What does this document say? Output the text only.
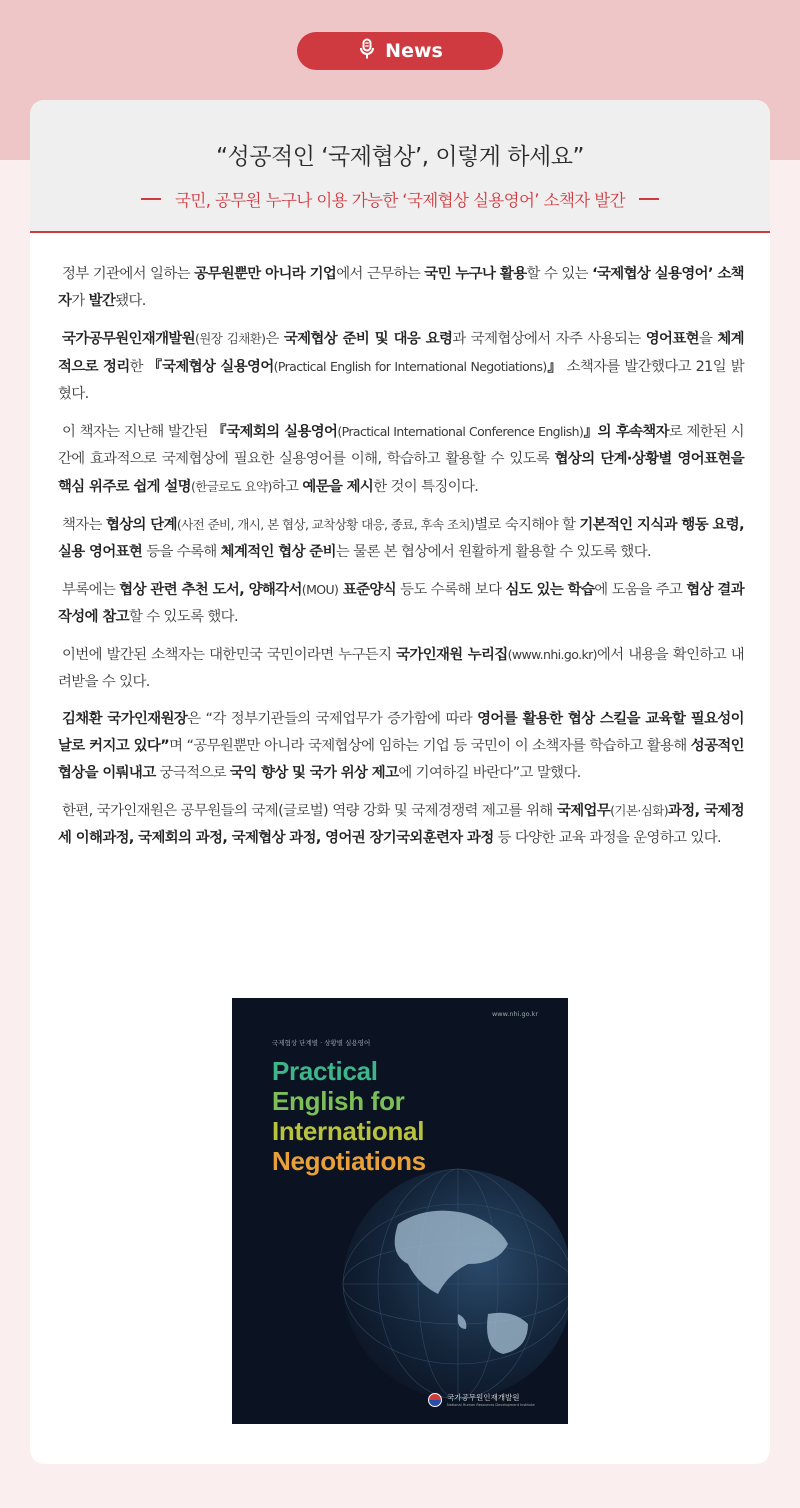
News
“성공적인 ‘국제협상’, 이렇게 하세요”
국민, 공무원 누구나 이용 가능한 ‘국제협상 실용영어’ 소책자 발간

정부 기관에서 일하는 공무원뿐만 아니라 기업에서 근무하는 국민 누구나 활용할 수 있는 ‘국제협상 실용영어’ 소책자가 발간됐다.

국가공무원인재개발원(원장 김채환)은 국제협상 준비 및 대응 요령과 국제협상에서 자주 사용되는 영어표현을 체계적으로 정리한 『국제협상 실용영어(Practical English for International Negotiations)』 소책자를 발간했다고 21일 밝혔다.

이 책자는 지난해 발간된 『국제회의 실용영어(Practical International Conference English)』의 후속책자로 제한된 시간에 효과적으로 국제협상에 필요한 실용영어를 이해, 학습하고 활용할 수 있도록 협상의 단계·상황별 영어표현을 핵심 위주로 쉽게 설명(한글로도 요약)하고 예문을 제시한 것이 특징이다.

책자는 협상의 단계(사전 준비, 개시, 본 협상, 교착상황 대응, 종료, 후속 조치)별로 숙지해야 할 기본적인 지식과 행동 요령, 실용 영어표현 등을 수록해 체계적인 협상 준비는 물론 본 협상에서 원활하게 활용할 수 있도록 했다.

부록에는 협상 관련 추천 도서, 양해각서(MOU) 표준양식 등도 수록해 보다 심도 있는 학습에 도움을 주고 협상 결과 작성에 참고할 수 있도록 했다.

이번에 발간된 소책자는 대한민국 국민이라면 누구든지 국가인재원 누리집(www.nhi.go.kr)에서 내용을 확인하고 내려받을 수 있다.

김채환 국가인재원장은 “각 정부기관들의 국제업무가 증가함에 따라 영어를 활용한 협상 스킬을 교육할 필요성이 날로 커지고 있다”며 “공무원뿐만 아니라 국제협상에 임하는 기업 등 국민이 이 소책자를 학습하고 활용해 성공적인 협상을 이뤄내고 궁극적으로 국익 향상 및 국가 위상 제고에 기여하길 바란다”고 말했다.

한편, 국가인재원은 공무원들의 국제(글로벌) 역량 강화 및 국제경쟁력 제고를 위해 국제업무(기본·심화)과정, 국제정세 이해과정, 국제회의 과정, 국제협상 과정, 영어권 장기국외훈련자 과정 등 다양한 교육 과정을 운영하고 있다.

www.nhi.go.kr
국제협상 단계별 · 상황별 실용영어
Practical
English for
International
Negotiations
국가공무원인재개발원
National Human Resources Development Institute
